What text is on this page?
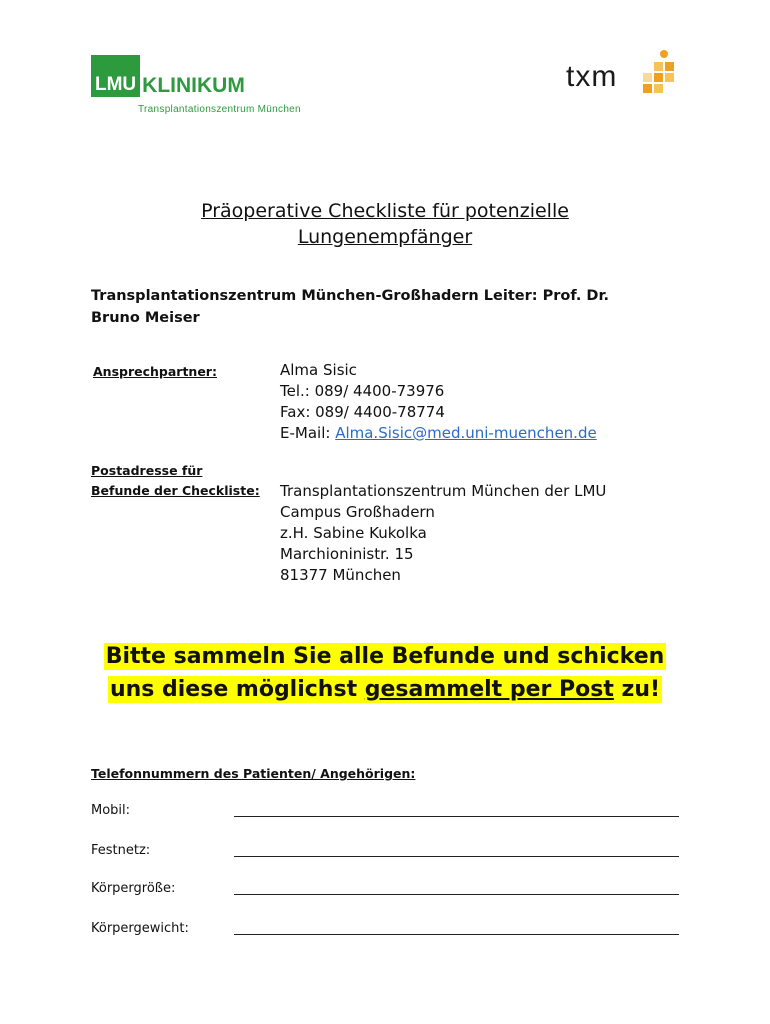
LMU KLINIKUM
Transplantationszentrum München
txm
Präoperative Checkliste für potenzielle
Lungenempfänger
Transplantationszentrum München-Großhadern Leiter: Prof. Dr.
Bruno Meiser
Ansprechpartner:	Alma Sisic
Tel.: 089/ 4400-73976
Fax: 089/ 4400-78774
E-Mail: Alma.Sisic@med.uni-muenchen.de
Postadresse für
Befunde der Checkliste: Transplantationszentrum München der LMU
Campus Großhadern
z.H. Sabine Kukolka
Marchioninistr. 15
81377 München
Bitte sammeln Sie alle Befunde und schicken
uns diese möglichst gesammelt per Post zu!
Telefonnummern des Patienten/ Angehörigen:
Mobil:
Festnetz:
Körpergröße:
Körpergewicht:
